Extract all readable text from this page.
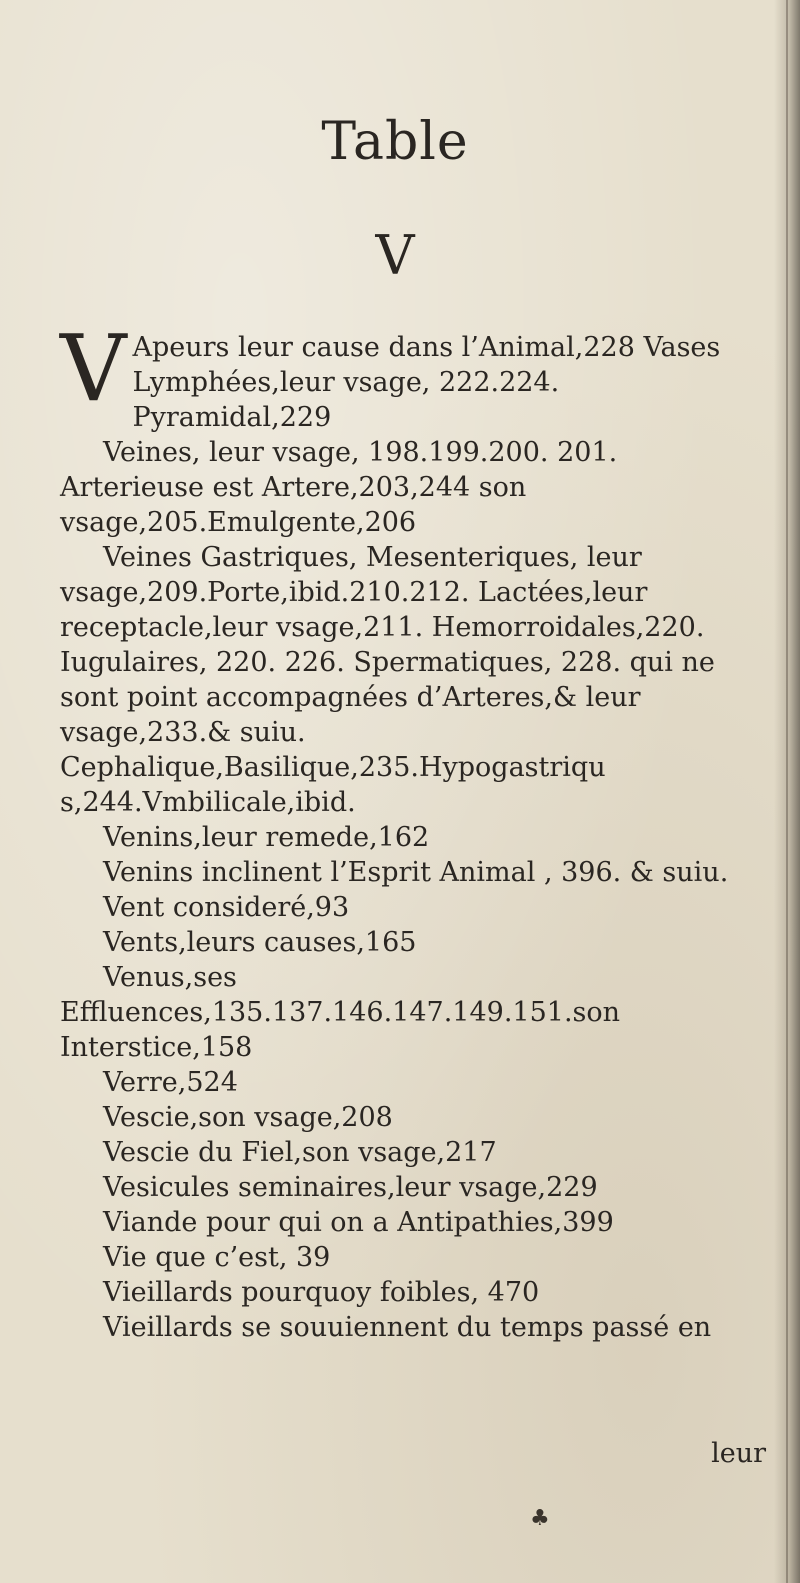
Table
V
V Apeurs leur cause dans l’Animal,228 Vases Lymphées,leur vsage, 222.224. Pyramidal,229
Veines, leur vsage, 198.199.200. 201. Arterieuse est Artere,203,244 son vsage,205.Emulgente,206
Veines Gastriques, Mesenteriques, leur vsage,209.Porte,ibid.210.212. Lactées,leur receptacle,leur vsage,211. Hemorroidales,220. Iugulaires, 220. 226. Spermatiques, 228. qui ne sont point accompagnées d’Arteres,& leur vsage,233.& suiu. Cephalique,Basilique,235.Hypogastriqu s,244.Vmbilicale,ibid.
Venins,leur remede,162
Venins inclinent l’Esprit Animal , 396. & suiu.
Vent consideré,93
Vents,leurs causes,165
Venus,ses Effluences,135.137.146.147.149.151.son Interstice,158
Verre,524
Vescie,son vsage,208
Vescie du Fiel,son vsage,217
Vesicules seminaires,leur vsage,229
Viande pour qui on a Antipathies,399
Vie que c’est, 39
Vieillards pourquoy foibles, 470
Vieillards se souuiennent du temps passé en
leur
♣
